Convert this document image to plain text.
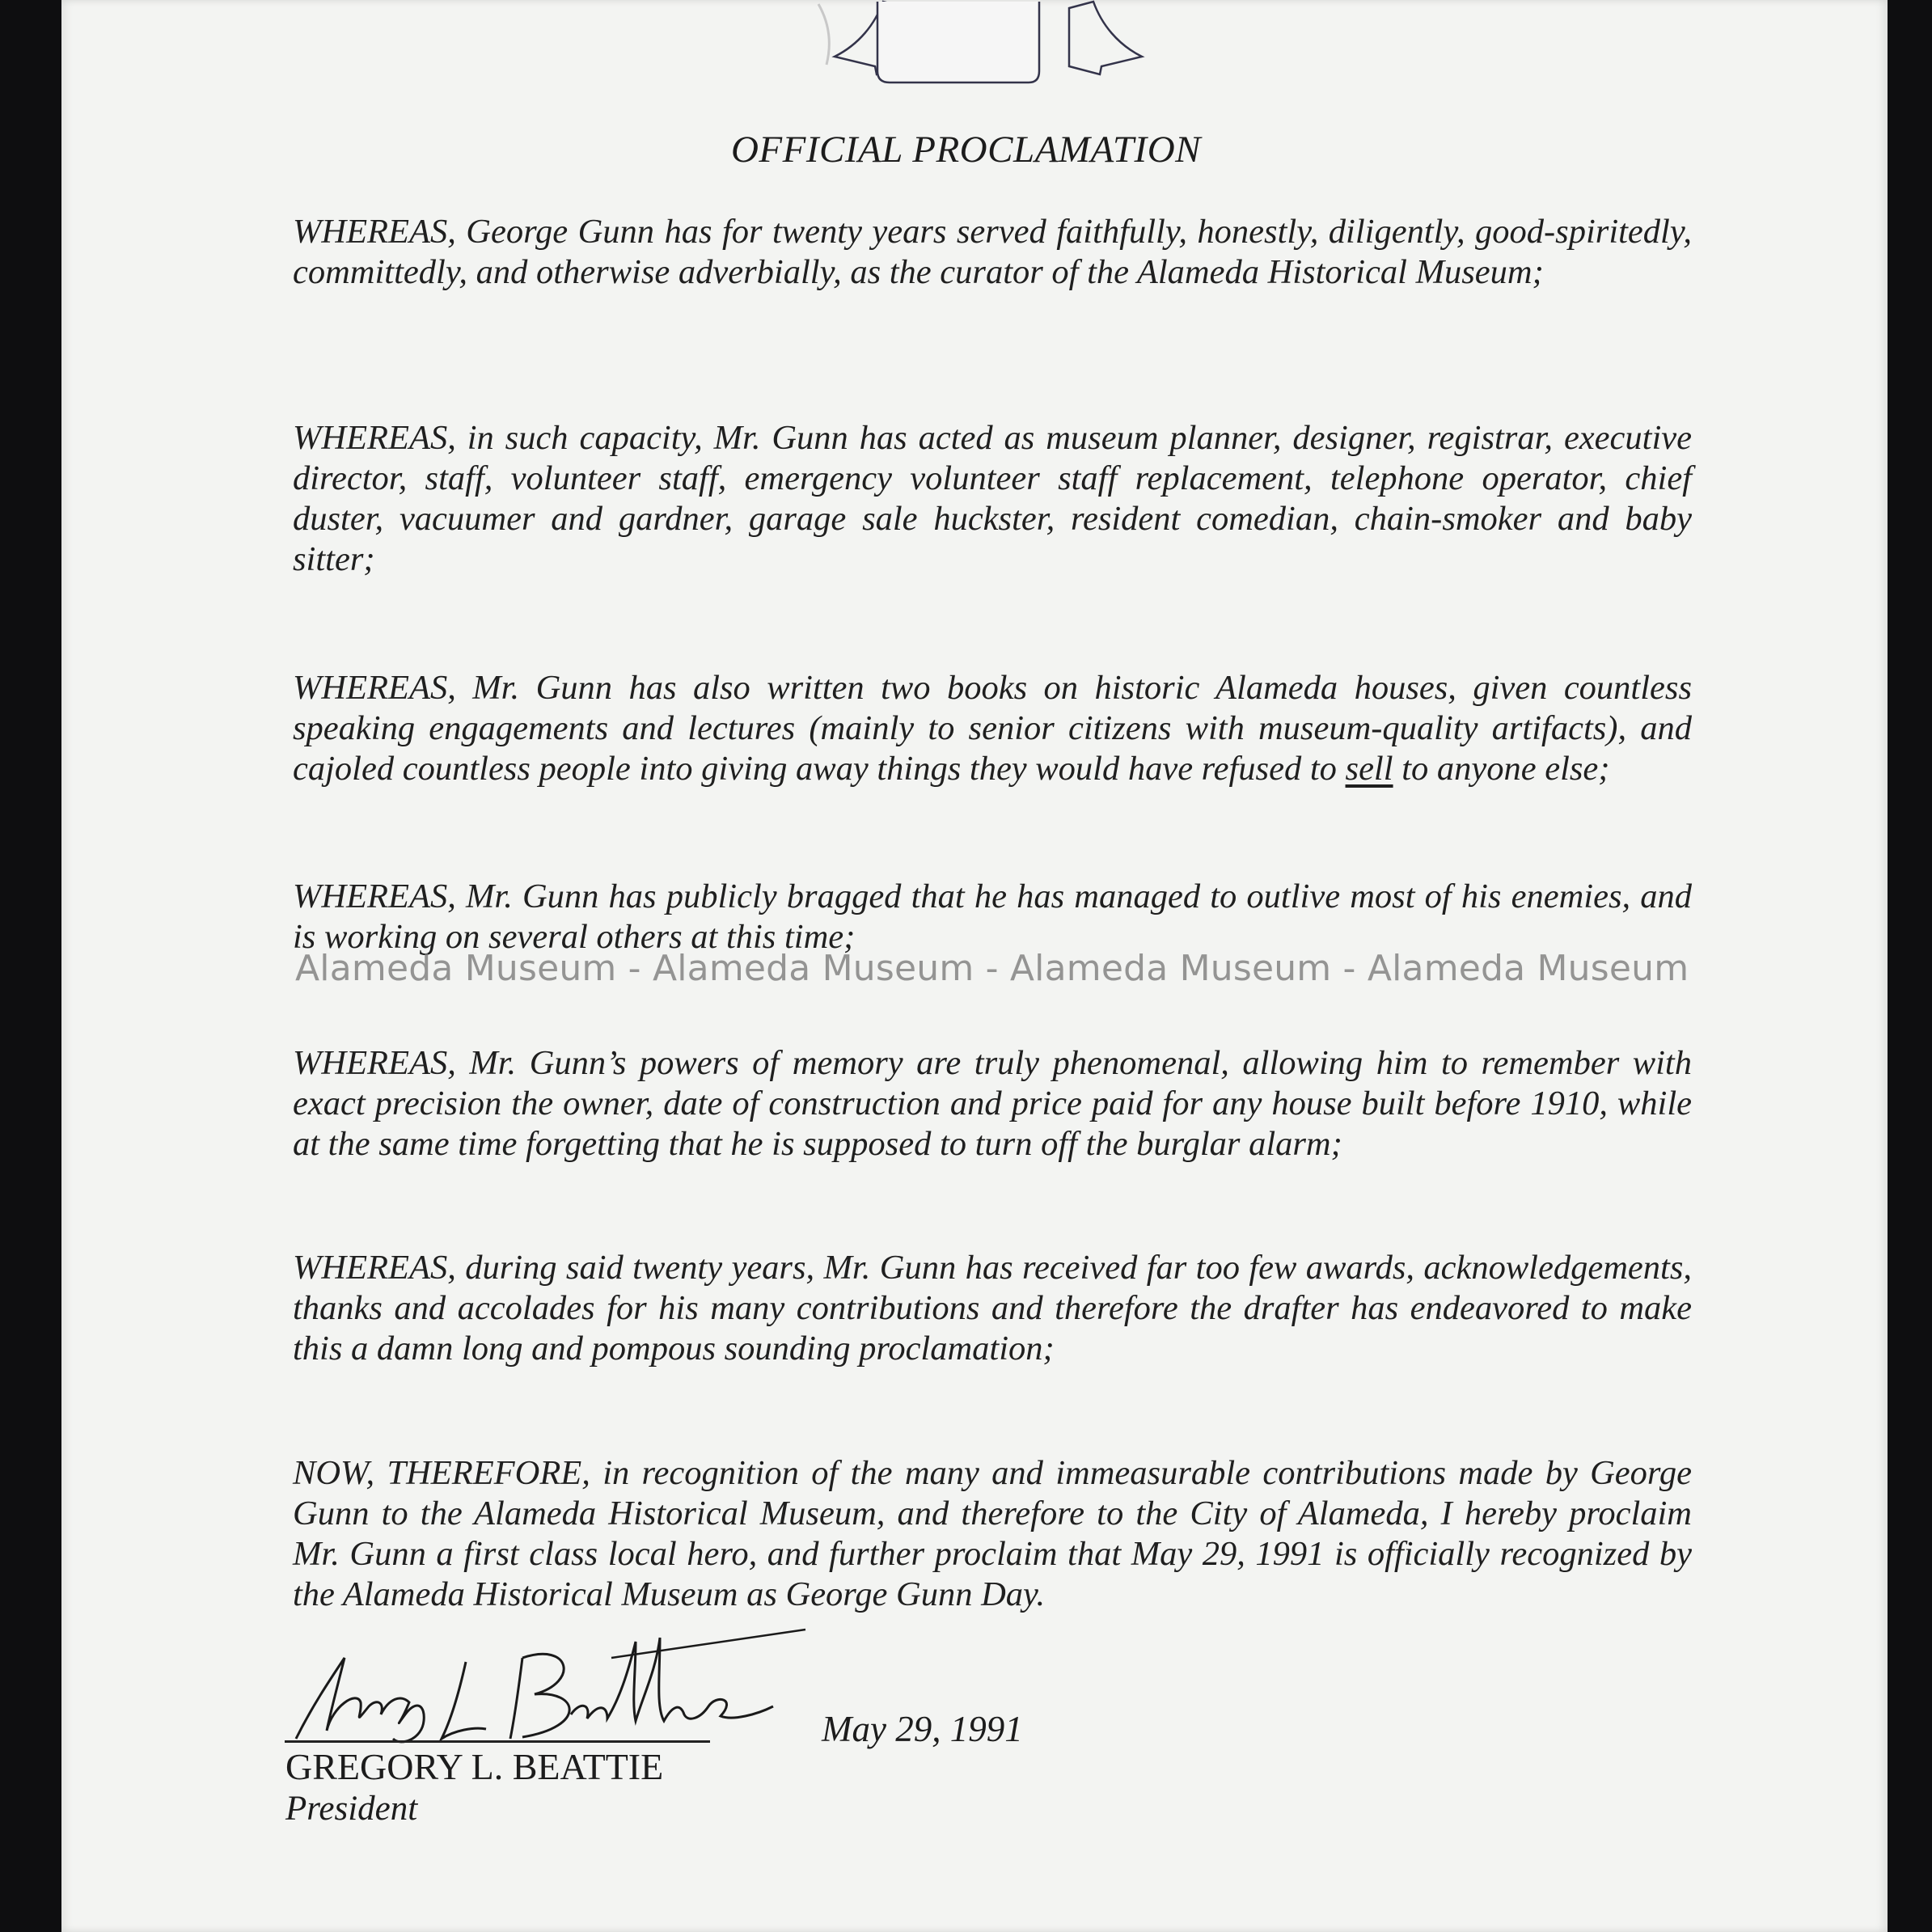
OFFICIAL PROCLAMATION

WHEREAS, George Gunn has for twenty years served faithfully, honestly, diligently, good-spiritedly, committedly, and otherwise adverbially, as the curator of the Alameda Historical Museum;

WHEREAS, in such capacity, Mr. Gunn has acted as museum planner, designer, registrar, executive director, staff, volunteer staff, emergency volunteer staff replacement, telephone operator, chief duster, vacuumer and gardner, garage sale huckster, resident comedian, chain-smoker and baby sitter;

WHEREAS, Mr. Gunn has also written two books on historic Alameda houses, given countless speaking engagements and lectures (mainly to senior citizens with museum-quality artifacts), and cajoled countless people into giving away things they would have refused to sell to anyone else;

WHEREAS, Mr. Gunn has publicly bragged that he has managed to outlive most of his enemies, and is working on several others at this time;

WHEREAS, Mr. Gunn’s powers of memory are truly phenomenal, allowing him to remember with exact precision the owner, date of construction and price paid for any house built before 1910, while at the same time forgetting that he is supposed to turn off the burglar alarm;

WHEREAS, during said twenty years, Mr. Gunn has received far too few awards, acknowledgements, thanks and accolades for his many contributions and therefore the drafter has endeavored to make this a damn long and pompous sounding proclamation;

NOW, THEREFORE, in recognition of the many and immeasurable contributions made by George Gunn to the Alameda Historical Museum, and therefore to the City of Alameda, I hereby proclaim Mr. Gunn a first class local hero, and further proclaim that May 29, 1991 is officially recognized by the Alameda Historical Museum as George Gunn Day.

Alameda Museum - Alameda Museum - Alameda Museum - Alameda Museum
GREGORY L. BEATTIE
President
May 29, 1991
